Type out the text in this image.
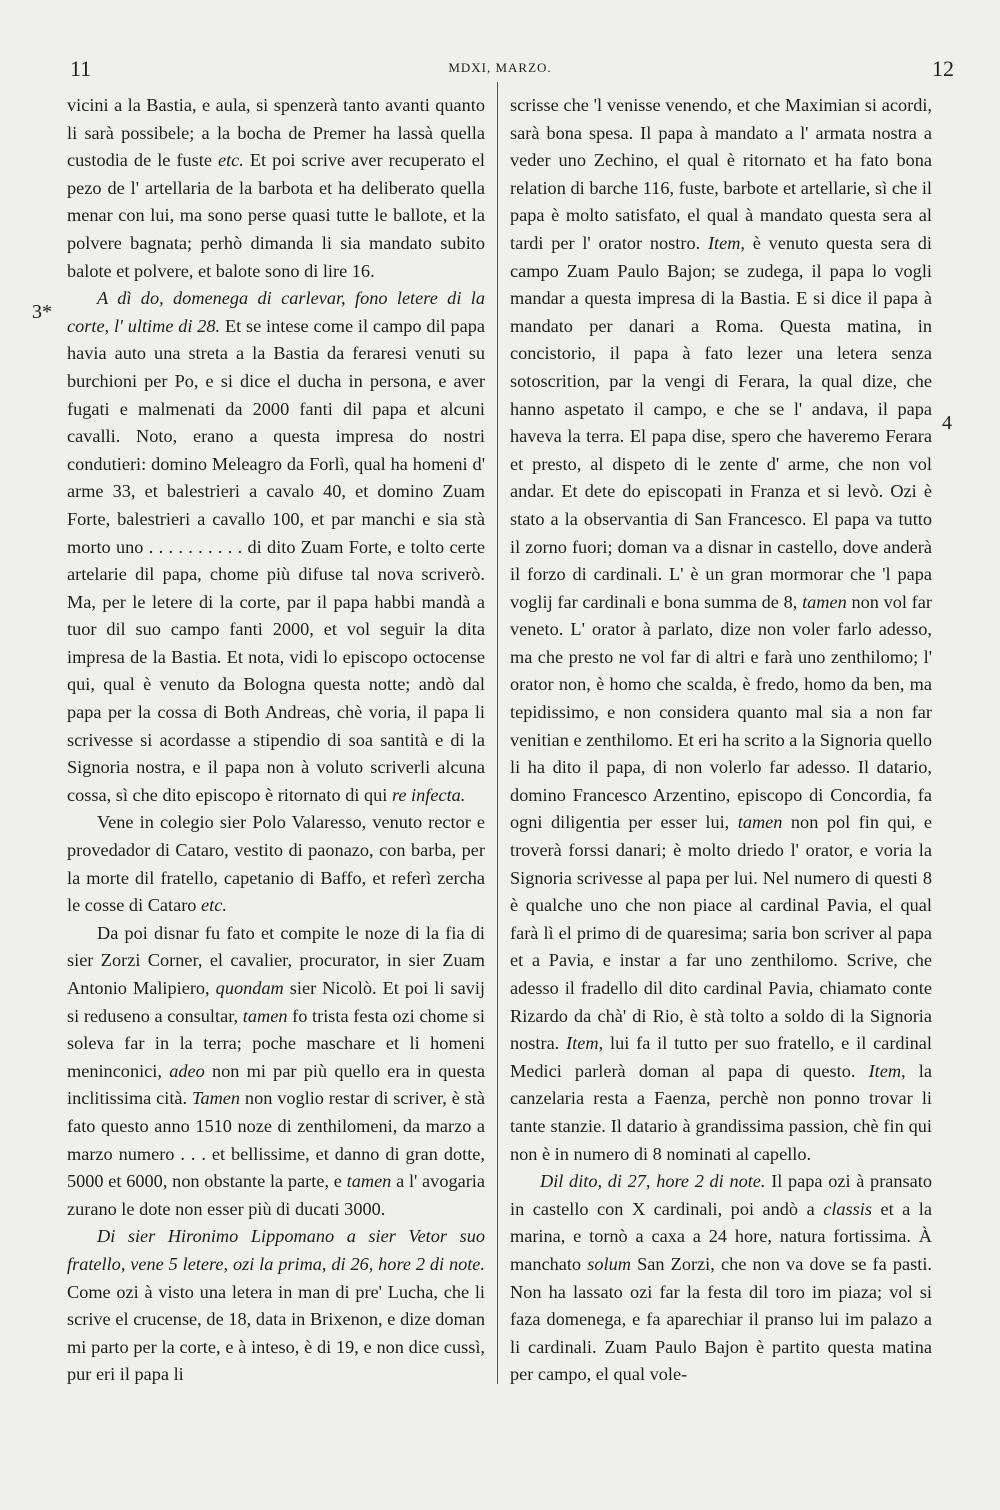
11	MDXI, MARZO.	12
3*
4

vicini a la Bastia, e aula, si spenzerà tanto avanti quanto li sarà possibele; a la bocha de Premer ha lassà quella custodia de le fuste etc. Et poi scrive aver recuperato el pezo de l' artellaria de la barbota et ha deliberato quella menar con lui, ma sono perse quasi tutte le ballote, et la polvere bagnata; perhò dimanda li sia mandato subito balote et polvere, et balote sono di lire 16.

A dì do, domenega di carlevar, fono letere di la corte, l' ultime di 28. Et se intese come il campo dil papa havia auto una streta a la Bastia da feraresi venuti su burchioni per Po, e si dice el ducha in persona, e aver fugati e malmenati da 2000 fanti dil papa et alcuni cavalli. Noto, erano a questa impresa do nostri condutieri: domino Meleagro da Forlì, qual ha homeni d' arme 33, et balestrieri a cavalo 40, et domino Zuam Forte, balestrieri a cavallo 100, et par manchi e sia stà morto uno . . . . . . . . . . di dito Zuam Forte, e tolto certe artelarie dil papa, chome più difuse tal nova scriverò. Ma, per le letere di la corte, par il papa habbi mandà a tuor dil suo campo fanti 2000, et vol seguir la dita impresa de la Bastia. Et nota, vidi lo episcopo octocense qui, qual è venuto da Bologna questa notte; andò dal papa per la cossa di Both Andreas, chè voria, il papa li scrivesse si acordasse a stipendio di soa santità e di la Signoria nostra, e il papa non à voluto scriverli alcuna cossa, sì che dito episcopo è ritornato di qui re infecta.

Vene in colegio sier Polo Valaresso, venuto rector e provedador di Cataro, vestito di paonazo, con barba, per la morte dil fratello, capetanio di Baffo, et referì zercha le cosse di Cataro etc.

Da poi disnar fu fato et compite le noze di la fia di sier Zorzi Corner, el cavalier, procurator, in sier Zuam Antonio Malipiero, quondam sier Nicolò. Et poi li savij si reduseno a consultar, tamen fo trista festa ozi chome si soleva far in la terra; poche maschare et li homeni meninconici, adeo non mi par più quello era in questa inclitissima cità. Tamen non voglio restar di scriver, è stà fato questo anno 1510 noze di zenthilomeni, da marzo a marzo numero . . . et bellissime, et danno di gran dotte, 5000 et 6000, non obstante la parte, e tamen a l' avogaria zurano le dote non esser più di ducati 3000.

Di sier Hironimo Lippomano a sier Vetor suo fratello, vene 5 letere, ozi la prima, di 26, hore 2 di note. Come ozi à visto una letera in man di pre' Lucha, che li scrive el crucense, de 18, data in Brixenon, e dize doman mi parto per la corte, e à inteso, è di 19, e non dice cussì, pur eri il papa li

scrisse che 'l venisse venendo, et che Maximian si acordi, sarà bona spesa. Il papa à mandato a l' armata nostra a veder uno Zechino, el qual è ritornato et ha fato bona relation di barche 116, fuste, barbote et artellarie, sì che il papa è molto satisfato, el qual à mandato questa sera al tardi per l' orator nostro. Item, è venuto questa sera di campo Zuam Paulo Bajon; se zudega, il papa lo vogli mandar a questa impresa di la Bastia. E si dice il papa à mandato per danari a Roma. Questa matina, in concistorio, il papa à fato lezer una letera senza sotoscrition, par la vengi di Ferara, la qual dize, che hanno aspetato il campo, e che se l' andava, il papa haveva la terra. El papa dise, spero che haveremo Ferara et presto, al dispeto di le zente d' arme, che non vol andar. Et dete do episcopati in Franza et si levò. Ozi è stato a la observantia di San Francesco. El papa va tutto il zorno fuori; doman va a disnar in castello, dove anderà il forzo di cardinali. L' è un gran mormorar che 'l papa voglij far cardinali e bona summa de 8, tamen non vol far veneto. L' orator à parlato, dize non voler farlo adesso, ma che presto ne vol far di altri e farà uno zenthilomo; l' orator non, è homo che scalda, è fredo, homo da ben, ma tepidissimo, e non considera quanto mal sia a non far venitian e zenthilomo. Et eri ha scrito a la Signoria quello li ha dito il papa, di non volerlo far adesso. Il datario, domino Francesco Arzentino, episcopo di Concordia, fa ogni diligentia per esser lui, tamen non pol fin qui, e troverà forssi danari; è molto driedo l' orator, e voria la Signoria scrivesse al papa per lui. Nel numero di questi 8 è qualche uno che non piace al cardinal Pavia, el qual farà lì el primo di de quaresima; saria bon scriver al papa et a Pavia, e instar a far uno zenthilomo. Scrive, che adesso il fradello dil dito cardinal Pavia, chiamato conte Rizardo da chà' di Rio, è stà tolto a soldo di la Signoria nostra. Item, lui fa il tutto per suo fratello, e il cardinal Medici parlerà doman al papa di questo. Item, la canzelaria resta a Faenza, perchè non ponno trovar li tante stanzie. Il datario à grandissima passion, chè fin qui non è in numero di 8 nominati al capello.

Dil dito, di 27, hore 2 di note. Il papa ozi à pransato in castello con X cardinali, poi andò a classis et a la marina, e tornò a caxa a 24 hore, natura fortissima. À manchato solum San Zorzi, che non va dove se fa pasti. Non ha lassato ozi far la festa dil toro im piaza; vol si faza domenega, e fa aparechiar il pranso lui im palazo a li cardinali. Zuam Paulo Bajon è partito questa matina per campo, el qual vole-
